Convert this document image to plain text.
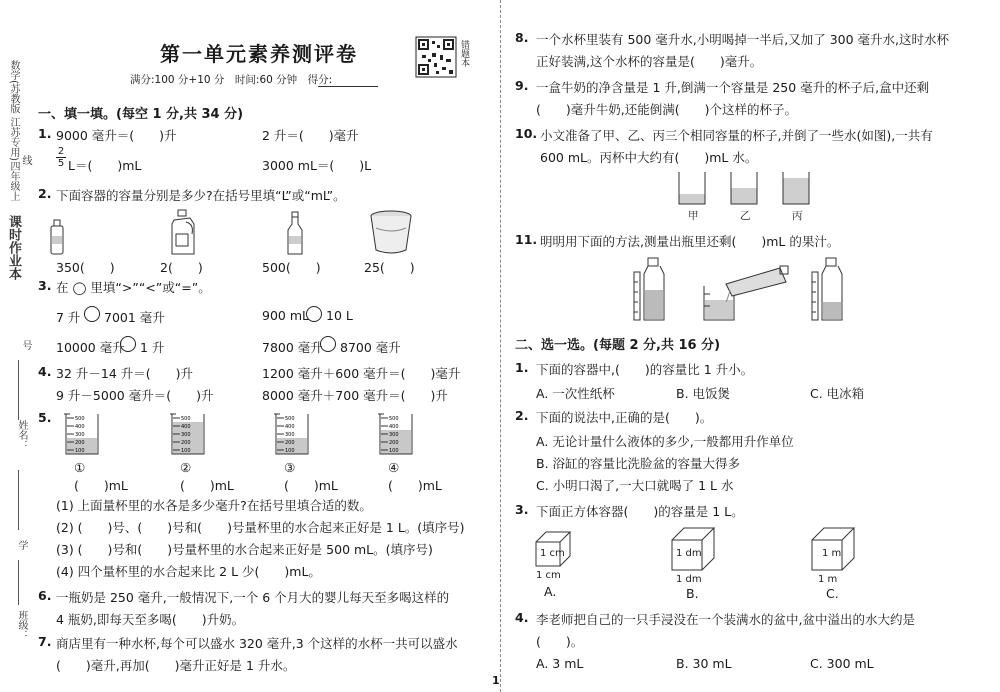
课时作业本
数学(苏教版 江苏专用)四年级上 线
姓名：
号
学
班级：
第一单元素养测评卷
满分:100 分+10 分　时间:60 分钟　得分:
错题本
一、填一填。(每空 1 分,共 34 分)
1. 9000 毫升＝(　　)升	2 升＝(　　)毫升
$\frac{2}{5} L=$(　　)mL	3000 mL＝(　　)L
2. 下面容器的容量分别是多少?在括号里填“L”或“mL”。
350(　　)	2(　　)	500(　　)	25(　　)
3. 在 ◯ 里填“>”“<”或“=”。
7 升 7001 毫升	900 mL 10 L
10000 毫升 1 升	7800 毫升 8700 毫升
4. 32 升－14 升＝(　　)升	1200 毫升＋600 毫升＝(　　)毫升
9 升－5000 毫升＝(　　)升	8000 毫升＋700 毫升＝(　　)升
5.	500
400
300
200
100
500
400
300
200
100
500
400
300
200
100
500
400
300
200
100
①	②	③	④
(　　)mL	(　　)mL	(　　)mL	(　　)mL
(1) 上面量杯里的水各是多少毫升?在括号里填合适的数。
(2) (　　)号、(　　)号和(　　)号量杯里的水合起来正好是 1 L。(填序号)
(3) (　　)号和(　　)号量杯里的水合起来正好是 500 mL。(填序号)
(4) 四个量杯里的水合起来比 2 L 少(　　)mL。
6. 一瓶奶是 250 毫升,一般情况下,一个 6 个月大的婴儿每天至多喝这样的
4 瓶奶,即每天至多喝(　　)升奶。
7. 商店里有一种水杯,每个可以盛水 320 毫升,3 个这样的水杯一共可以盛水
(　　)毫升,再加(　　)毫升正好是 1 升水。
8. 一个水杯里装有 500 毫升水,小明喝掉一半后,又加了 300 毫升水,这时水杯
正好装满,这个水杯的容量是(　　)毫升。
9. 一盒牛奶的净含量是 1 升,倒满一个容量是 250 毫升的杯子后,盒中还剩
(　　)毫升牛奶,还能倒满(　　)个这样的杯子。
10. 小文准备了甲、乙、丙三个相同容量的杯子,并倒了一些水(如图),一共有
600 mL。丙杯中大约有(　　)mL 水。
甲	乙	丙
11. 明明用下面的方法,测量出瓶里还剩(　　)mL 的果汁。
二、选一选。(每题 2 分,共 16 分)
1. 下面的容器中,(　　)的容量比 1 升小。
A. 一次性纸杯	B. 电饭煲	C. 电冰箱
2. 下面的说法中,正确的是(　　)。
A. 无论计量什么液体的多少,一般都用升作单位
B. 浴缸的容量比洗脸盆的容量大得多
C. 小明口渴了,一大口就喝了 1 L 水
3. 下面正方体容器(　　)的容量是 1 L。
1 cm
1 cm
A.
1 dm
1 dm
B.
1 m
1 m
C.
4. 李老师把自己的一只手浸没在一个装满水的盆中,盆中溢出的水大约是
(　　)。
A. 3 mL	B. 30 mL	C. 300 mL
1
